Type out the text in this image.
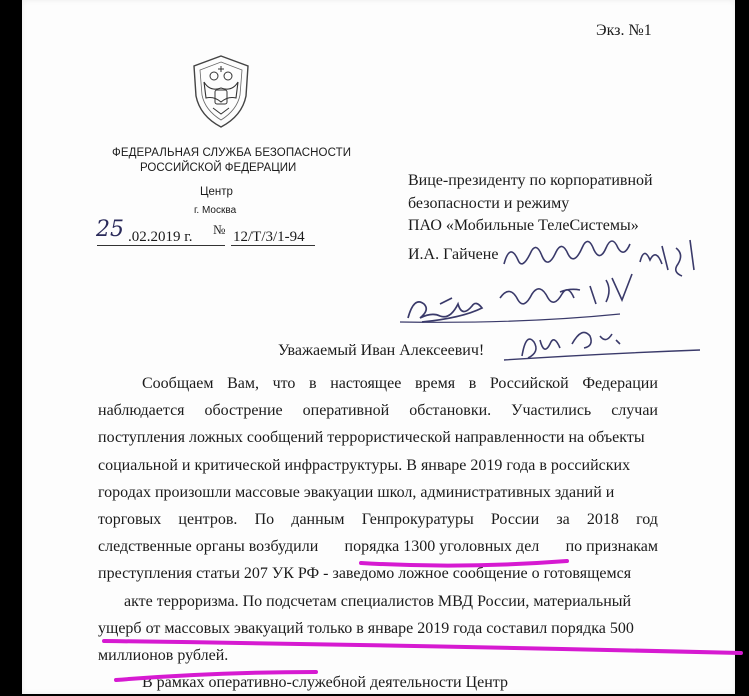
Экз. №1
ФЕДЕРАЛЬНАЯ СЛУЖБА БЕЗОПАСНОСТИ
РОССИЙСКОЙ ФЕДЕРАЦИИ
Центр
г. Москва
№
25 .02.2019 г.	12/Т/3/1-94
Вице-президенту по корпоративной
безопасности и режиму
ПАО «Мобильные ТелеСистемы»
И.А. Гайчене
Уважаемый Иван Алексеевич!
Сообщаем Вам, что в настоящее время в Российской Федерации
наблюдается обострение оперативной обстановки. Участились случаи
поступления ложных сообщений террористической направленности на объекты
социальной и критической инфраструктуры. В январе 2019 года в российских
городах произошли массовые эвакуации школ, административных зданий и
торговых центров. По данным Генпрокуратуры России за 2018 год
следственные органы возбудили порядка 1300 уголовных дел по признакам
преступления статьи 207 УК РФ - заведомо ложное сообщение о готовящемся
акте терроризма. По подсчетам специалистов МВД России, материальный
ущерб от массовых эвакуаций только в январе 2019 года составил порядка 500
миллионов рублей.
В рамках оперативно-служебной деятельности Центр
